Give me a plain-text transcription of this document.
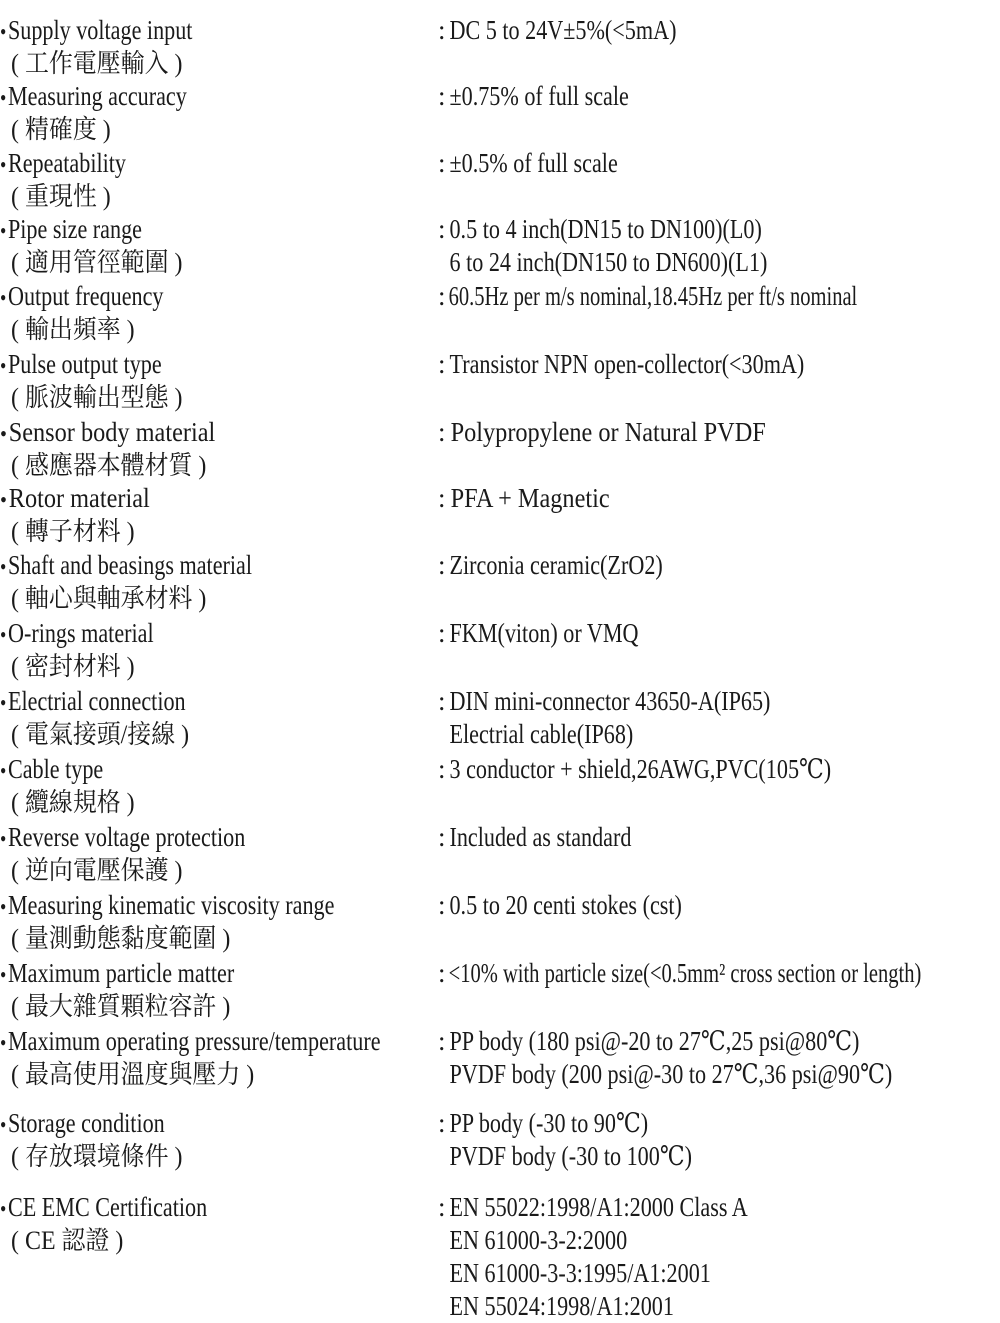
•Supply voltage input
( 工作電壓輸入 )
: DC 5 to 24V±5%(<5mA)
•Measuring accuracy
( 精確度 )
: ±0.75% of full scale
•Repeatability
( 重現性 )
: ±0.5% of full scale
•Pipe size range
( 適用管徑範圍 )
: 0.5 to 4 inch(DN15 to DN100)(L0)
6 to 24 inch(DN150 to DN600)(L1)
•Output frequency
( 輸出頻率 )
: 60.5Hz per m/s nominal,18.45Hz per ft/s nominal
•Pulse output type
( 脈波輸出型態 )
: Transistor NPN open-collector(<30mA)
•Sensor body material
( 感應器本體材質 )
: Polypropylene or Natural PVDF
•Rotor material
( 轉子材料 )
: PFA + Magnetic
•Shaft and beasings material
( 軸心與軸承材料 )
: Zirconia ceramic(ZrO2)
•O-rings material
( 密封材料 )
: FKM(viton) or VMQ
•Electrial connection
( 電氣接頭/接線 )
: DIN mini-connector 43650-A(IP65)
Electrial cable(IP68)
•Cable type
( 纜線規格 )
: 3 conductor + shield,26AWG,PVC(105℃)
•Reverse voltage protection
( 逆向電壓保護 )
: Included as standard
•Measuring kinematic viscosity range
( 量測動態黏度範圍 )
: 0.5 to 20 centi stokes (cst)
•Maximum particle matter
( 最大雜質顆粒容許 )
: <10% with particle size(<0.5mm² cross section or length)
•Maximum operating pressure/temperature
( 最高使用溫度與壓力 )
: PP body (180 psi@-20 to 27℃,25 psi@80℃)
PVDF body (200 psi@-30 to 27℃,36 psi@90℃)
•Storage condition
( 存放環境條件 )
: PP body (-30 to 90℃)
PVDF body (-30 to 100℃)
•CE EMC Certification
( CE 認證 )
: EN 55022:1998/A1:2000 Class A
EN 61000-3-2:2000
EN 61000-3-3:1995/A1:2001
EN 55024:1998/A1:2001
